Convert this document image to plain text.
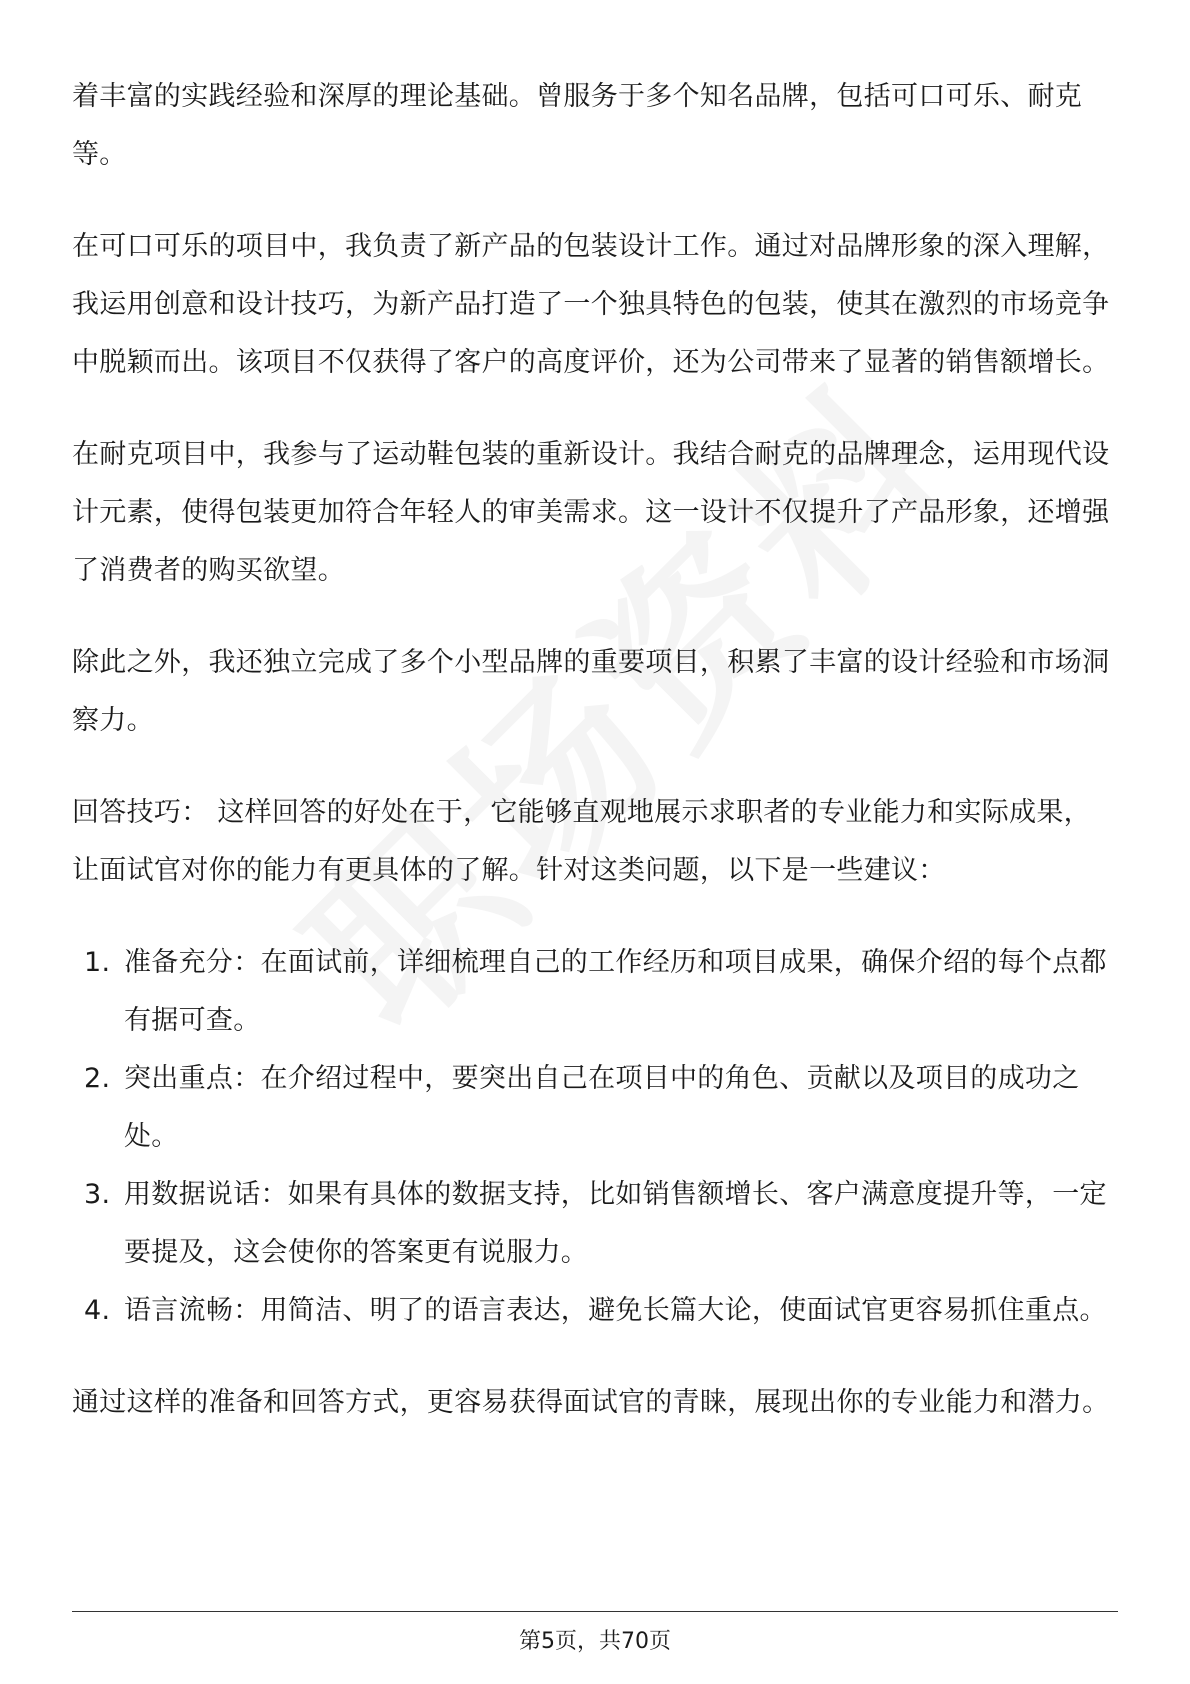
着丰富的实践经验和深厚的理论基础。曾服务于多个知名品牌，包括可口可乐、耐克等。

在可口可乐的项目中，我负责了新产品的包装设计工作。通过对品牌形象的深入理解，我运用创意和设计技巧，为新产品打造了一个独具特色的包装，使其在激烈的市场竞争中脱颖而出。该项目不仅获得了客户的高度评价，还为公司带来了显著的销售额增长。

在耐克项目中，我参与了运动鞋包装的重新设计。我结合耐克的品牌理念，运用现代设计元素，使得包装更加符合年轻人的审美需求。这一设计不仅提升了产品形象，还增强了消费者的购买欲望。

除此之外，我还独立完成了多个小型品牌的重要项目，积累了丰富的设计经验和市场洞察力。

回答技巧： 这样回答的好处在于，它能够直观地展示求职者的专业能力和实际成果，让面试官对你的能力有更具体的了解。针对这类问题，以下是一些建议：

1. 准备充分：在面试前，详细梳理自己的工作经历和项目成果，确保介绍的每个点都有据可查。
2. 突出重点：在介绍过程中，要突出自己在项目中的角色、贡献以及项目的成功之处。
3. 用数据说话：如果有具体的数据支持，比如销售额增长、客户满意度提升等，一定要提及，这会使你的答案更有说服力。
4. 语言流畅：用简洁、明了的语言表达，避免长篇大论，使面试官更容易抓住重点。

通过这样的准备和回答方式，更容易获得面试官的青睐，展现出你的专业能力和潜力。

第5页，共70页
